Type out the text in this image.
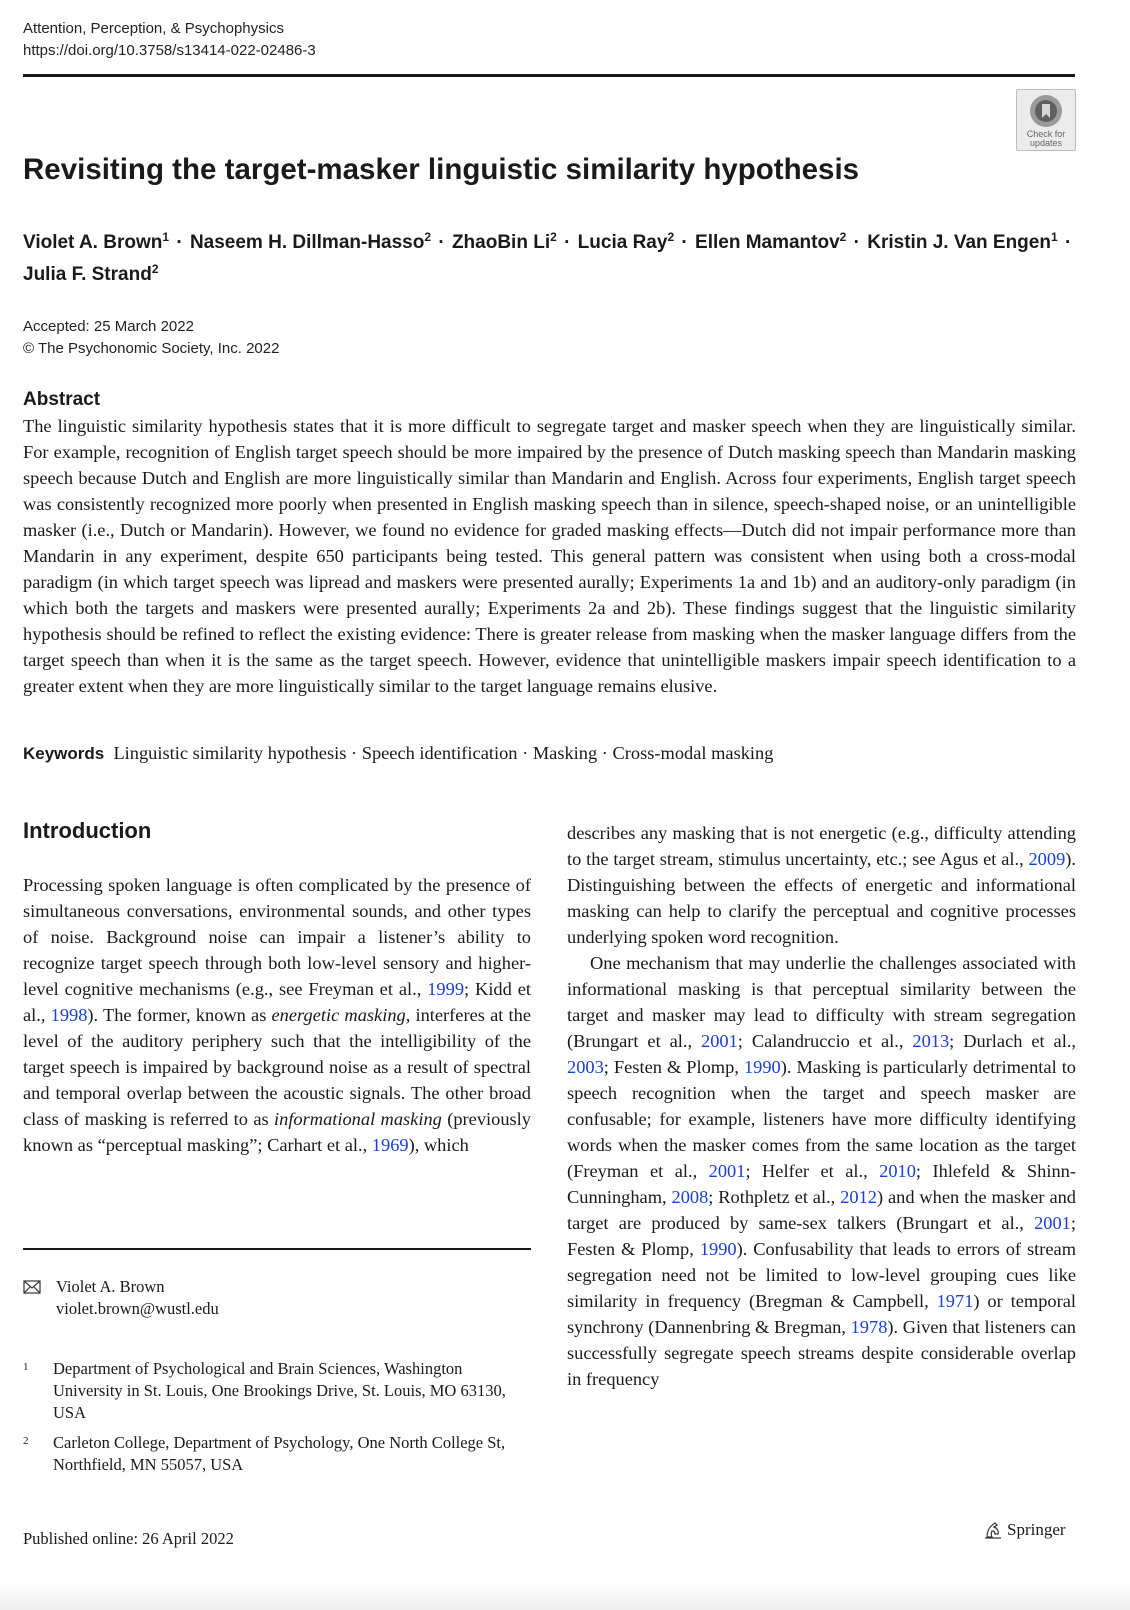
Attention, Perception, & Psychophysics
https://doi.org/10.3758/s13414-022-02486-3
Check for updates
Revisiting the target-masker linguistic similarity hypothesis
Violet A. Brown$^1$ · Naseem H. Dillman-Hasso$^2$ · ZhaoBin $Li^2$ · Lucia Ray$^2$ · Ellen Mamantov$^2$ · Kristin J. Van Engen$^1$ ·
Julia F. Strand$^2$
Accepted: 25 March 2022
© The Psychonomic Society, Inc. 2022
Abstract

The linguistic similarity hypothesis states that it is more difficult to segregate target and masker speech when they are linguistically similar. For example, recognition of English target speech should be more impaired by the presence of Dutch masking speech than Mandarin masking speech because Dutch and English are more linguistically similar than Mandarin and English. Across four experiments, English target speech was consistently recognized more poorly when presented in English masking speech than in silence, speech-shaped noise, or an unintelligible masker (i.e., Dutch or Mandarin). However, we found no evidence for graded masking effects—Dutch did not impair performance more than Mandarin in any experiment, despite 650 participants being tested. This general pattern was consistent when using both a cross-modal paradigm (in which target speech was lipread and maskers were presented aurally; Experiments 1a and 1b) and an auditory-only paradigm (in which both the targets and maskers were presented aurally; Experiments 2a and 2b). These findings suggest that the linguistic similarity hypothesis should be refined to reflect the existing evidence: There is greater release from masking when the masker language differs from the target speech than when it is the same as the target speech. However, evidence that unintelligible maskers impair speech identification to a greater extent when they are more linguistically similar to the target language remains elusive.

Keywords Linguistic similarity hypothesis · Speech identification · Masking · Cross-modal masking
Introduction

Processing spoken language is often complicated by the presence of simultaneous conversations, environmental sounds, and other types of noise. Background noise can impair a listener’s ability to recognize target speech through both low-level sensory and higher-level cognitive mechanisms (e.g., see Freyman et al., 1999; Kidd et al., 1998). The former, known as energetic masking, interferes at the level of the auditory periphery such that the intelligibility of the target speech is impaired by background noise as a result of spectral and temporal overlap between the acoustic signals. The other broad class of masking is referred to as informational masking (previously known as “perceptual masking”; Carhart et al., 1969), which

describes any masking that is not energetic (e.g., difficulty attending to the target stream, stimulus uncertainty, etc.; see Agus et al., 2009). Distinguishing between the effects of energetic and informational masking can help to clarify the perceptual and cognitive processes underlying spoken word recognition.

One mechanism that may underlie the challenges associated with informational masking is that perceptual similarity between the target and masker may lead to difficulty with stream segregation (Brungart et al., 2001; Calandruccio et al., 2013; Durlach et al., 2003; Festen & Plomp, 1990). Masking is particularly detrimental to speech recognition when the target and speech masker are confusable; for example, listeners have more difficulty identifying words when the masker comes from the same location as the target (Freyman et al., 2001; Helfer et al., 2010; Ihlefeld & Shinn-Cunningham, 2008; Rothpletz et al., 2012) and when the masker and target are produced by same-sex talkers (Brungart et al., 2001; Festen & Plomp, 1990). Confusability that leads to errors of stream segregation need not be limited to low-level grouping cues like similarity in frequency (Bregman & Campbell, 1971) or temporal synchrony (Dannenbring & Bregman, 1978). Given that listeners can successfully segregate speech streams despite considerable overlap in frequency

Violet A. Brown
violet.brown@wustl.edu
1 Department of Psychological and Brain Sciences, Washington University in St. Louis, One Brookings Drive, St. Louis, MO 63130, USA
2 Carleton College, Department of Psychology, One North College St, Northfield, MN 55057, USA
Published online: 26 April 2022	Springer
